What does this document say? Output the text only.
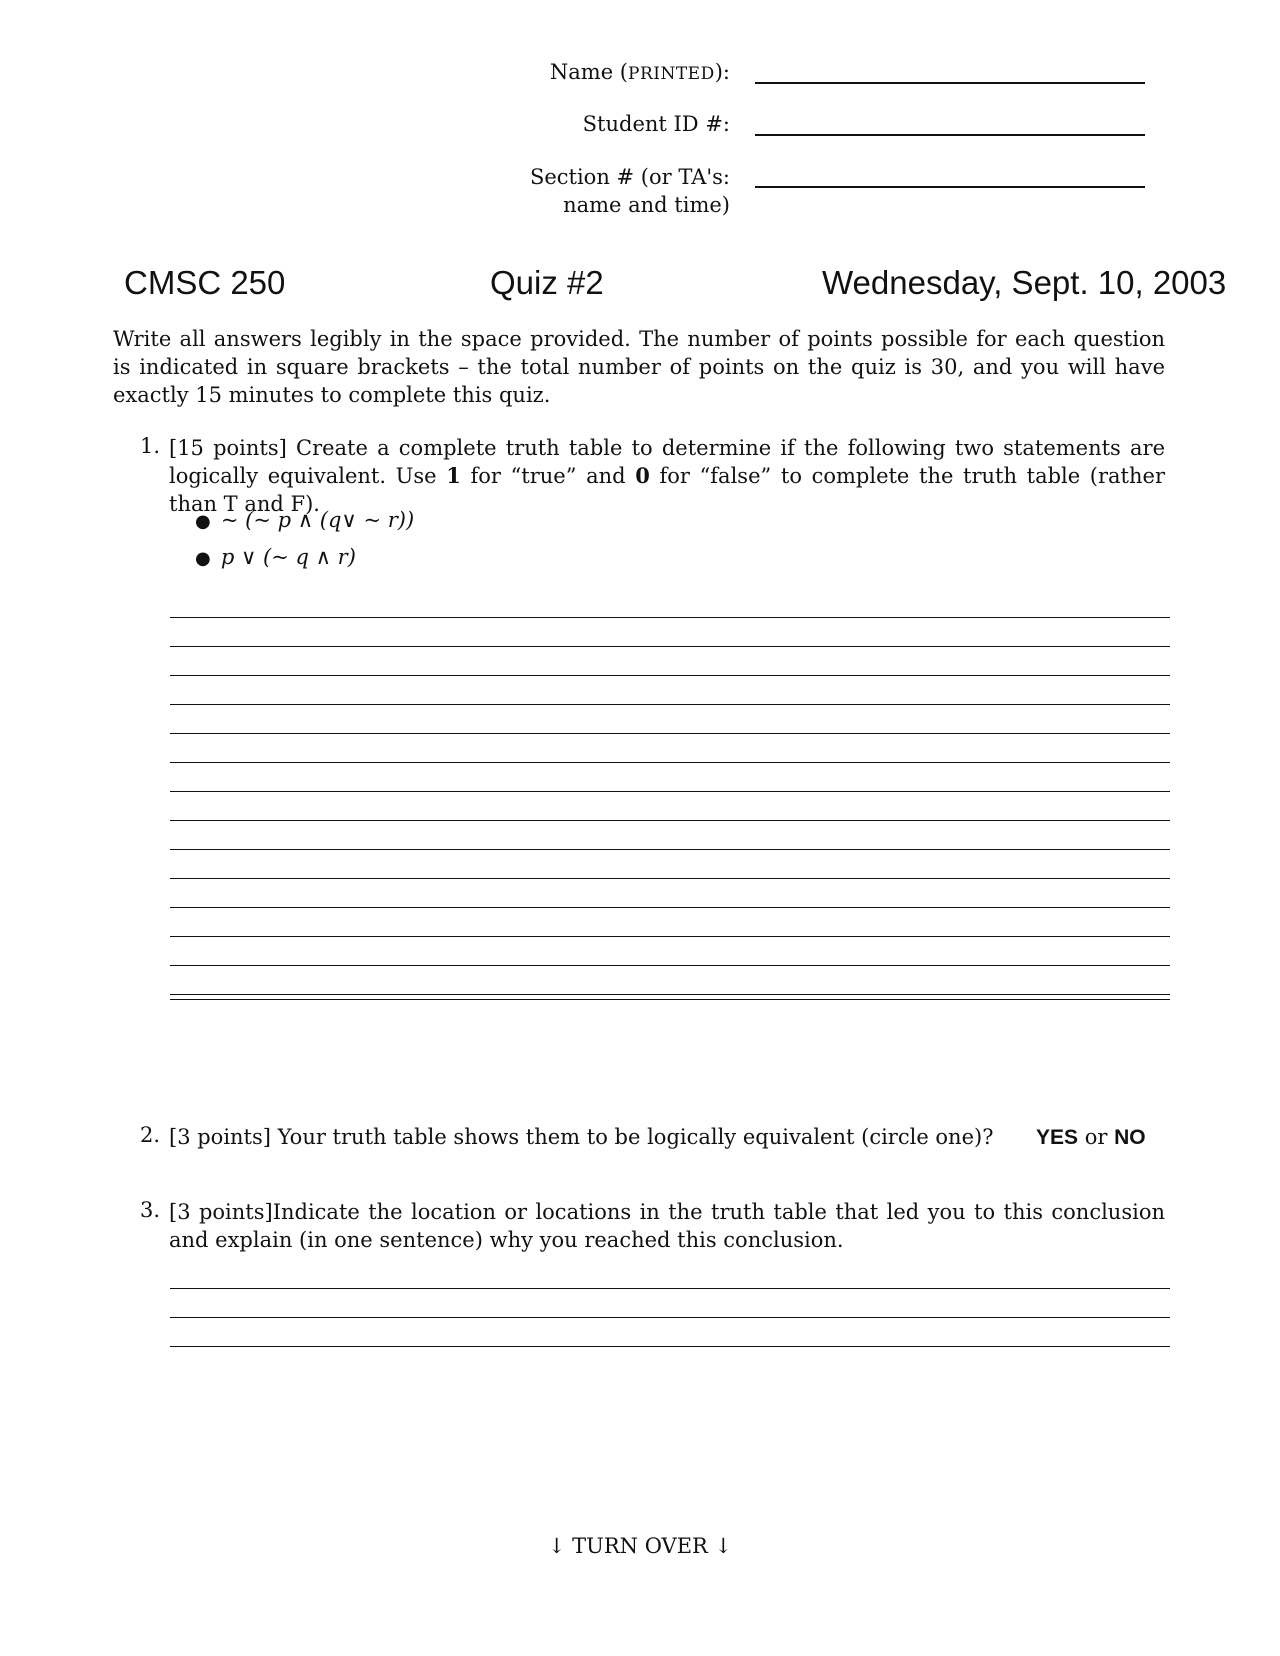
Name (PRINTED):
Student ID #:
Section # (or TA's:
name and time)
CMSC 250	Quiz #2	Wednesday, Sept. 10, 2003
Write all answers legibly in the space provided. The number of points possible for each question is indicated in square brackets – the total number of points on the quiz is 30, and you will have exactly 15 minutes to complete this quiz.
1. [15 points] Create a complete truth table to determine if the following two statements are logically equivalent. Use 1 for “true” and 0 for “false” to complete the truth table (rather than T and F).
● ~ (~ p ∧ (q∨ ~ r))
● p ∨ (~ q ∧ r)
2. [3 points] Your truth table shows them to be logically equivalent (circle one)? YES or NO
3. [3 points]Indicate the location or locations in the truth table that led you to this conclusion and explain (in one sentence) why you reached this conclusion.
↓ TURN OVER ↓
